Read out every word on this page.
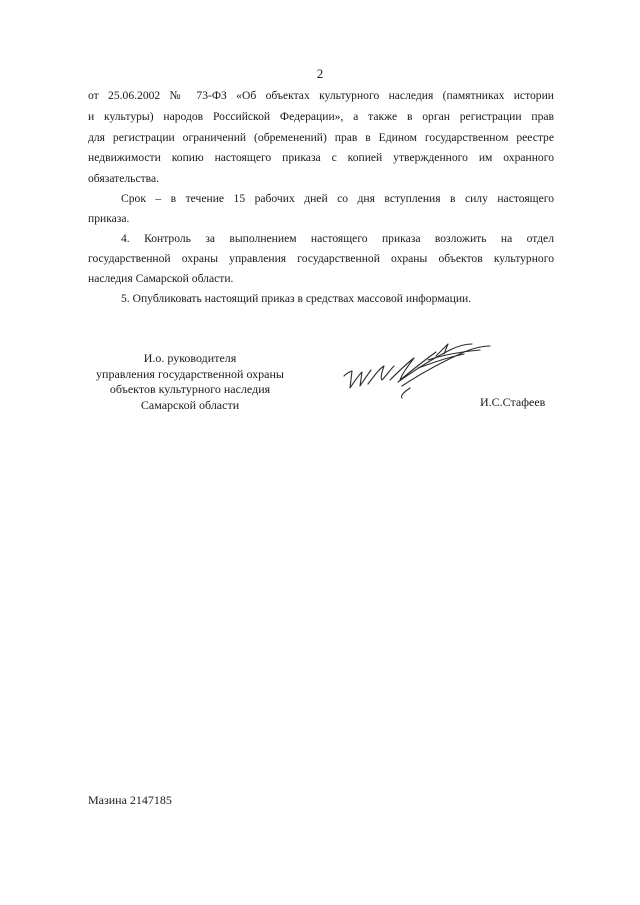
2
от 25.06.2002 № 73-ФЗ «Об объектах культурного наследия (памятниках истории
и культуры) народов Российской Федерации», а также в орган регистрации прав
для регистрации ограничений (обременений) прав в Едином государственном реестре
недвижимости копию настоящего приказа с копией утвержденного им охранного
обязательства.
Срок – в течение 15 рабочих дней со дня вступления в силу настоящего
приказа.
4. Контроль за выполнением настоящего приказа возложить на отдел
государственной охраны управления государственной охраны объектов культурного
наследия Самарской области.
5. Опубликовать настоящий приказ в средствах массовой информации.
И.о. руководителя
управления государственной охраны
объектов культурного наследия
Самарской области	И.С.Стафеев
Мазина 2147185
